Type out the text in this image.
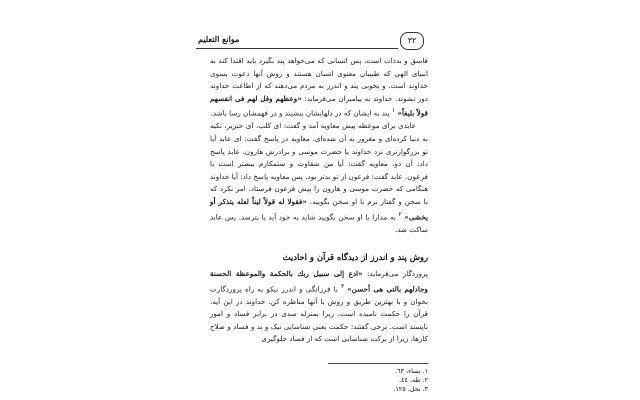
٣٢
موانع التعليم

فاسق و بدذات است. پس انسانی که می‌خواهد پند بگیرد باید اقتدا کند به انبیای الهی که طبیبان معنوی انسان هستند و روش آنها دعوت بسوی خداوند است، و بخوبی پند و اندرز به مردم می‌دهند که از اطاعت خداوند دور نشوند. خداوند به پیامبران می‌فرماید: «وعظهم وقل لهم فى انفسهم قولاً بليغاً» $^١$ پند به ایشان که در دلهایشان بنشیند و در فهمشان رسا باشد.

عابدی برای موعظه پیش معاویه آمد و گفت: ای کلب، ای خنزیر، تکیه به دنیا کرده‌ای و مغرور به آن شده‌ای. معاویه در پاسخ گفت: ای عابد آیا تو بزرگوارتری نزد خداوند یا حضرت موسی و برادرش هارون. عابد پاسخ داد: آن دو. معاویه گفت: آیا من شقاوت و ستمکارم بیشتر است یا فرعون. عابد گفت: فرعون از تو بدتر بود. پس معاویه پاسخ داد: آیا خداوند هنگامی که حضرت موسی و هارون را پیش فرعون فرستاد، امر نکرد که با سخن و گفتار نرم با او سخن بگویند. «فقولا له قولاً ليناً لعله يتذكر أو يخشى» $^٢$ به مدارا با او سخن بگویید شاید به خود آید یا بترسد. پس عابد ساکت شد.

روش پند و اندرز از دیدگاه قرآن و احادیث
پروردگار می‌فرماید: «ادع إلى سبيل ربك بالحكمة والموعظة الحسنة وجادلهم بالتى هى أحسن» $^٣$ با فرزانگی و اندرز نیکو به راه پروردگارت بخوان و با بهترین طریق و روش با آنها مناظره کن. خداوند در این آیه، قرآن را حکمت نامیده است، زیرا بمنزله سدی در برابر فساد و امور ناپسند است. برخی گفتند: حکمت یعنی شناسایی نیک و بد و فساد و صلاح کارها، زیرا از برکت شناسایی است که از فساد جلوگیری
١. نساء، ٦٣.
٢. طه، ٤٤.
٣. نحل، ١٢٥.
